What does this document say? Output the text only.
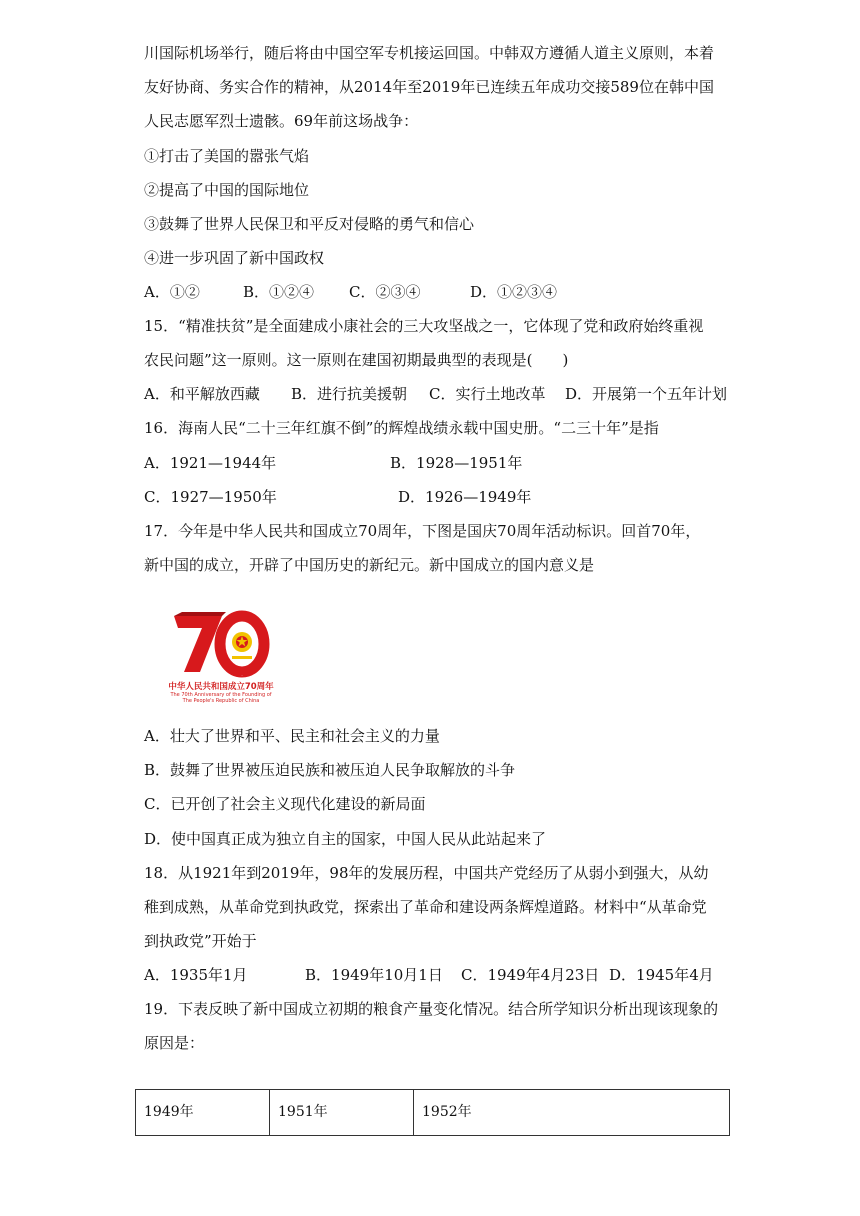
川国际机场举行，随后将由中国空军专机接运回国。中韩双方遵循人道主义原则，本着
友好协商、务实合作的精神，从2014年至2019年已连续五年成功交接589位在韩中国
人民志愿军烈士遗骸。69年前这场战争：
①打击了美国的嚣张气焰
②提高了中国的国际地位
③鼓舞了世界人民保卫和平反对侵略的勇气和信心
④进一步巩固了新中国政权
A．①②	B．①②④ C．②③④	D．①②③④
15．“精准扶贫”是全面建成小康社会的三大攻坚战之一，它体现了党和政府始终重视
农民问题”这一原则。这一原则在建国初期最典型的表现是(　　)
A．和平解放西藏 B．进行抗美援朝 C．实行土地改革 D．开展第一个五年计划
16．海南人民“二十三年红旗不倒”的辉煌战绩永载中国史册。“二三十年”是指
A．1921—1944年	B．1928—1951年
C．1927—1950年	D．1926—1949年
17．今年是中华人民共和国成立70周年，下图是国庆70周年活动标识。回首70年，
新中国的成立，开辟了中国历史的新纪元。新中国成立的国内意义是
70
中华人民共和国成立70周年
The 70th Anniversary of the Founding of
The People's Republic of China
A．壮大了世界和平、民主和社会主义的力量
B．鼓舞了世界被压迫民族和被压迫人民争取解放的斗争
C．已开创了社会主义现代化建设的新局面
D．使中国真正成为独立自主的国家，中国人民从此站起来了
18．从1921年到2019年，98年的发展历程，中国共产党经历了从弱小到强大，从幼
稚到成熟，从革命党到执政党，探索出了革命和建设两条辉煌道路。材料中“从革命党
到执政党”开始于
A．1935年1月	B．1949年10月1日 C．1949年4月23日 D．1945年4月
19．下表反映了新中国成立初期的粮食产量变化情况。结合所学知识分析出现该现象的
原因是：
1949年	1951年	1952年
